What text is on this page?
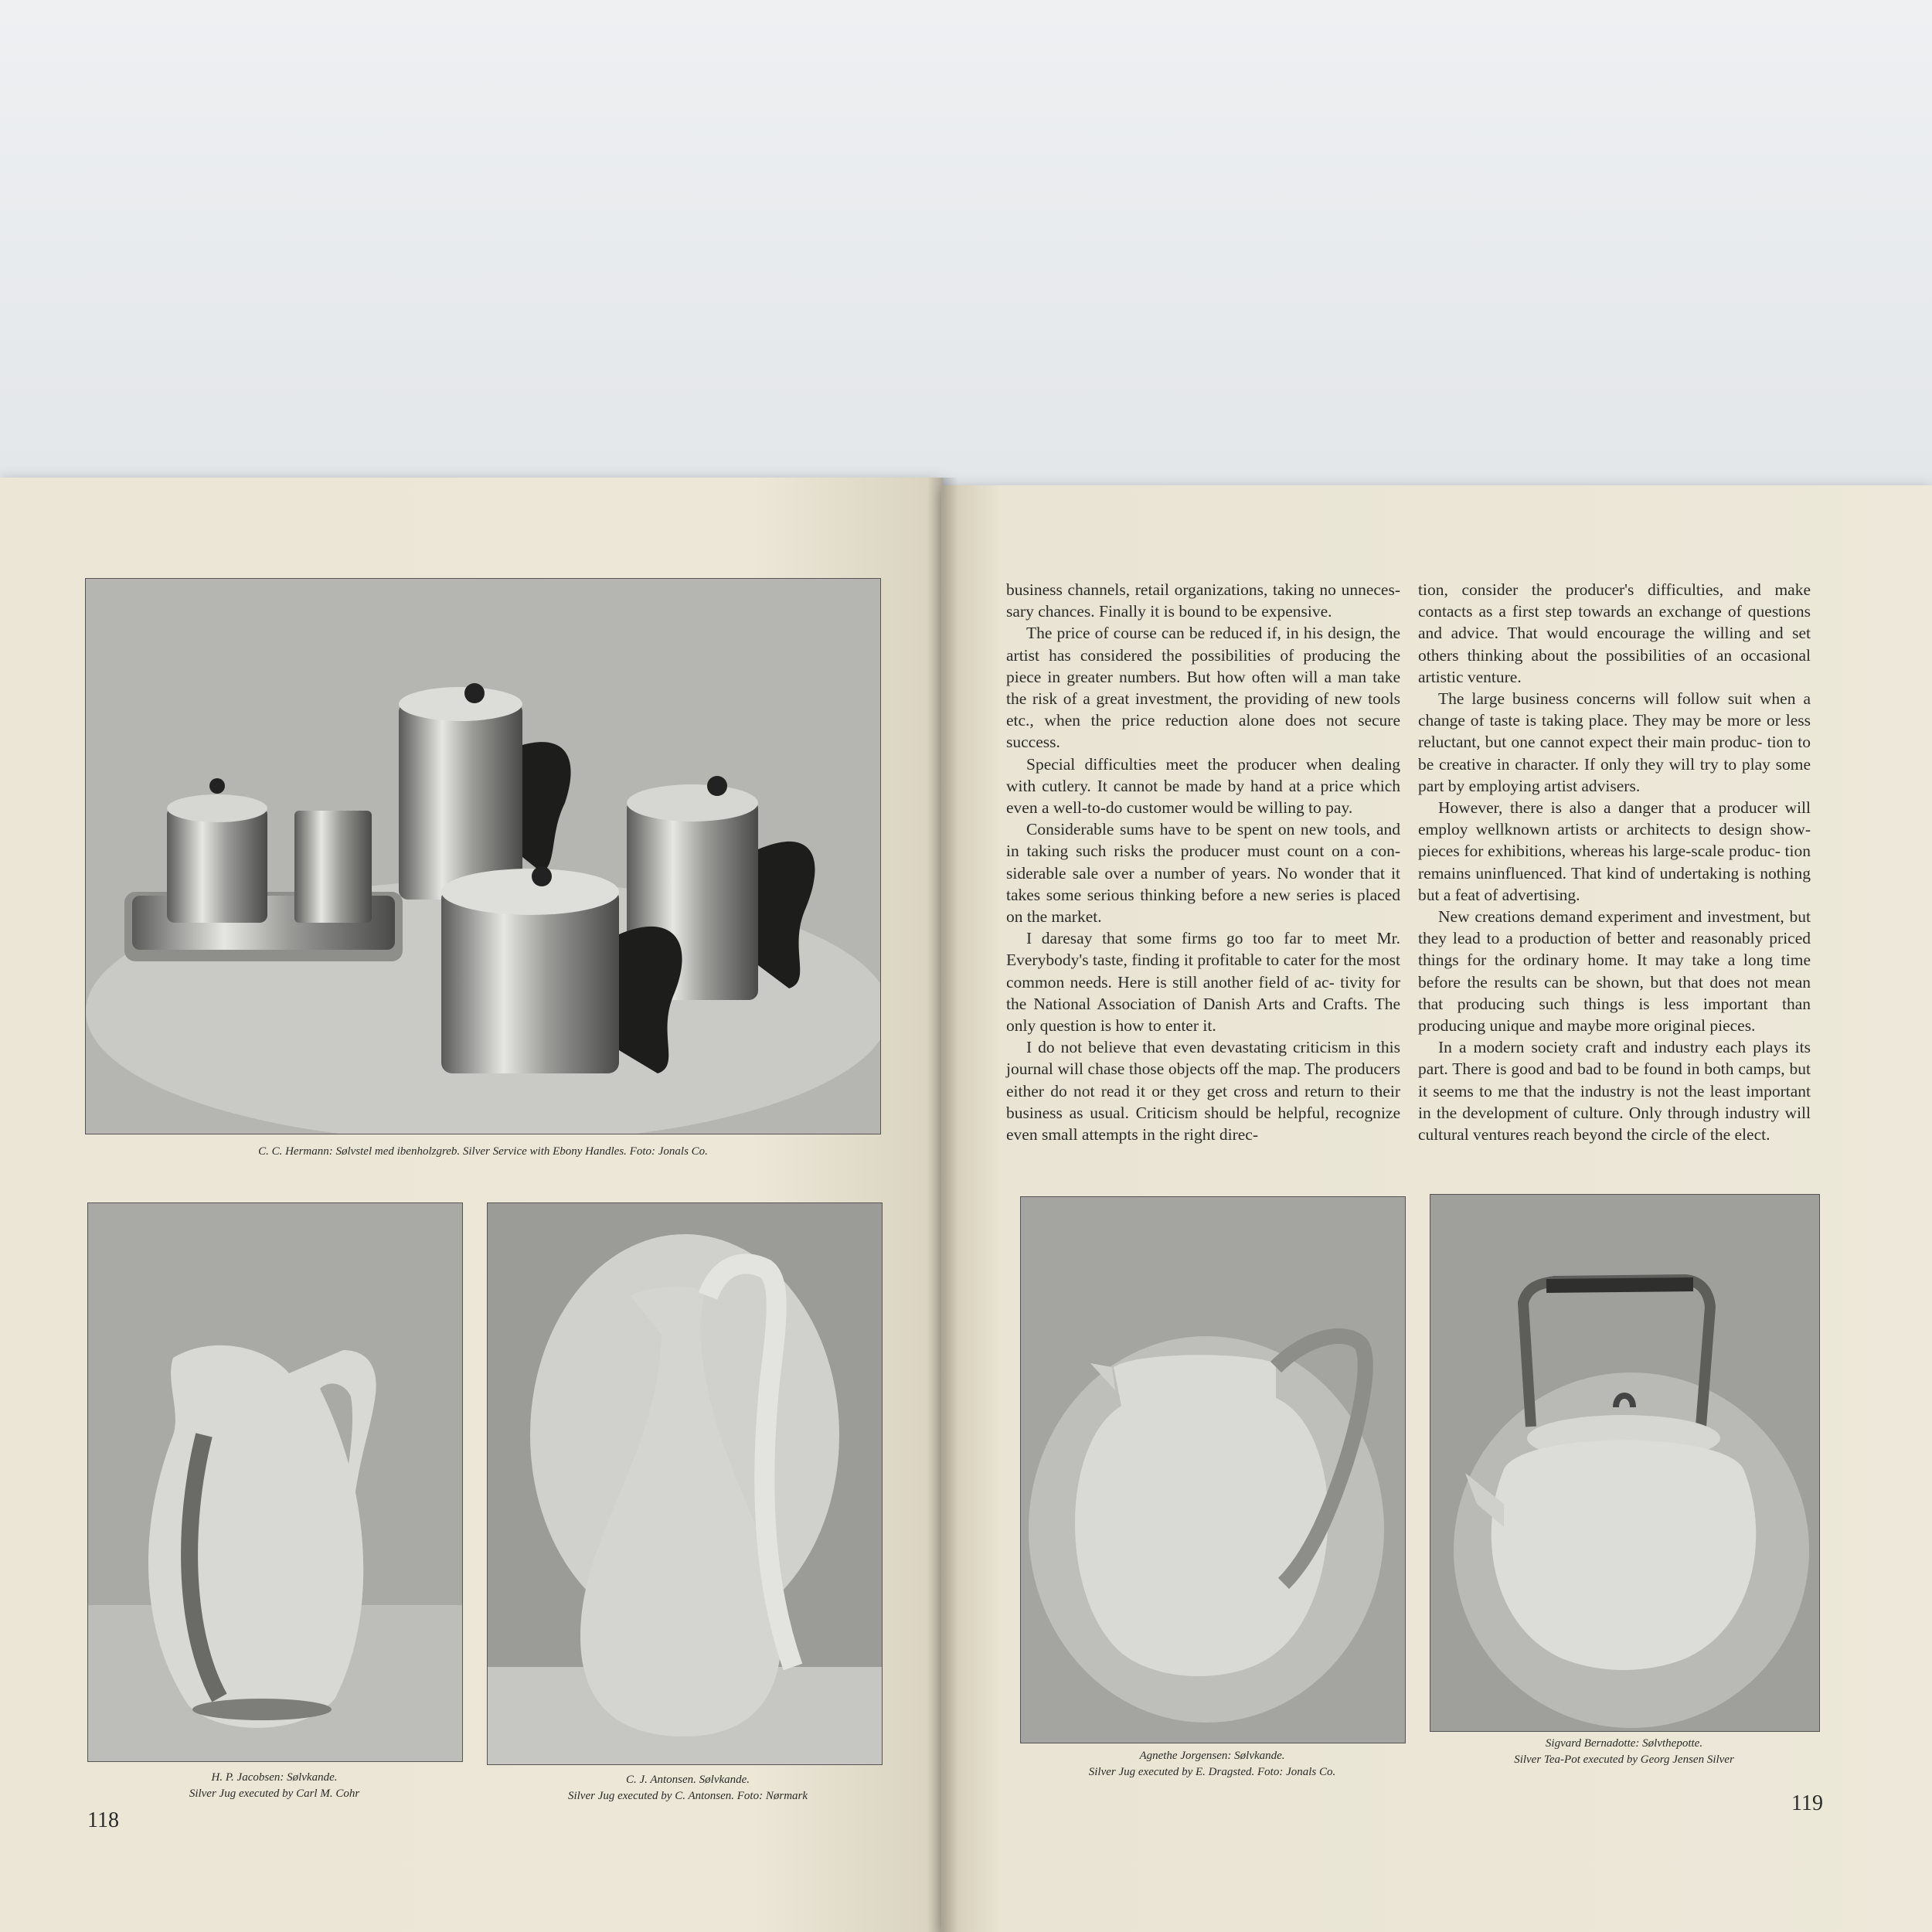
C. C. Hermann: Sølvstel med ibenholzgreb. Silver Service with Ebony Handles. Foto: Jonals Co.
H. P. Jacobsen: Sølvkande.
Silver Jug executed by Carl M. Cohr
C. J. Antonsen. Sølvkande.
Silver Jug executed by C. Antonsen. Foto: Nørmark
118

business channels, retail organizations, taking no unneces- sary chances. Finally it is bound to be expensive.

The price of course can be reduced if, in his design, the artist has considered the possibilities of producing the piece in greater numbers. But how often will a man take the risk of a great investment, the providing of new tools etc., when the price reduction alone does not secure success.

Special difficulties meet the producer when dealing with cutlery. It cannot be made by hand at a price which even a well-to-do customer would be willing to pay.

Considerable sums have to be spent on new tools, and in taking such risks the producer must count on a con- siderable sale over a number of years. No wonder that it takes some serious thinking before a new series is placed on the market.

I daresay that some firms go too far to meet Mr. Everybody's taste, finding it profitable to cater for the most common needs. Here is still another field of ac- tivity for the National Association of Danish Arts and Crafts. The only question is how to enter it.

I do not believe that even devastating criticism in this journal will chase those objects off the map. The producers either do not read it or they get cross and return to their business as usual. Criticism should be helpful, recognize even small attempts in the right direc-

tion, consider the producer's difficulties, and make contacts as a first step towards an exchange of questions and advice. That would encourage the willing and set others thinking about the possibilities of an occasional artistic venture.

The large business concerns will follow suit when a change of taste is taking place. They may be more or less reluctant, but one cannot expect their main produc- tion to be creative in character. If only they will try to play some part by employing artist advisers.

However, there is also a danger that a producer will employ wellknown artists or architects to design show- pieces for exhibitions, whereas his large-scale produc- tion remains uninfluenced. That kind of undertaking is nothing but a feat of advertising.

New creations demand experiment and investment, but they lead to a production of better and reasonably priced things for the ordinary home. It may take a long time before the results can be shown, but that does not mean that producing such things is less important than producing unique and maybe more original pieces.

In a modern society craft and industry each plays its part. There is good and bad to be found in both camps, but it seems to me that the industry is not the least important in the development of culture. Only through industry will cultural ventures reach beyond the circle of the elect.

Agnethe Jorgensen: Sølvkande.
Silver Jug executed by E. Dragsted. Foto: Jonals Co.
Sigvard Bernadotte: Sølvthepotte.
Silver Tea-Pot executed by Georg Jensen Silver
119
